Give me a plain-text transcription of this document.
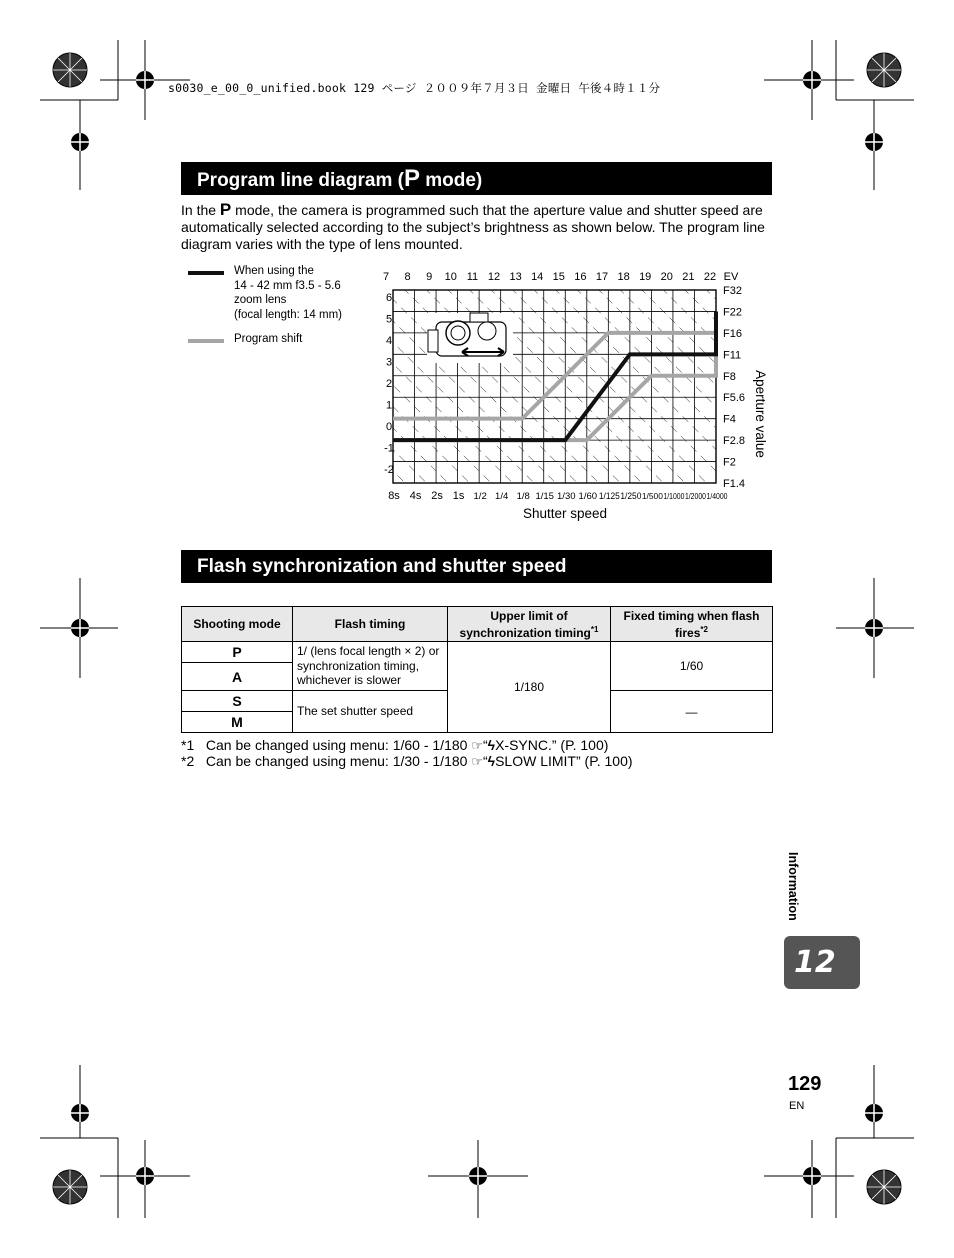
s0030_e_00_0_unified.book 129 ページ ２００９年７月３日 金曜日 午後４時１１分
Program line diagram (P mode)
In the P mode, the camera is programmed such that the aperture value and shutter speed are automatically selected according to the subject’s brightness as shown below. The program line diagram varies with the type of lens mounted.
When using the
14 - 42 mm f3.5 - 5.6
zoom lens
(focal length: 14 mm)
Program shift
7 8 9 10 11 12 13 14 15 16 17 18 19 20 21 22 EV
6
5
4
3
2
1
0
-1
-2
8s 4s 2s 1s 1/2 1/4 1/8 1/15 1/30 1/60 1/125 1/250 1/500 1/1000 1/2000 1/4000
F32
F22
F16
F11
F8
F5.6
F4
F2.8
F2
F1.4
Shutter speed
Aperture value
Flash synchronization and shutter speed
Shooting mode	Flash timing	Upper limit of synchronization timing$^{*1}$	Fixed timing when flash fires$^{*2}$
P	1/ (lens focal length × 2) or synchronization timing, whichever is slower	1/180	1/60
A			
S	The set shutter speed		—
M			
*1 Can be changed using menu: 1/60 - 1/180 ☞“ϟX-SYNC.” (P. 100)
*2 Can be changed using menu: 1/30 - 1/180 ☞“ϟSLOW LIMIT” (P. 100)
Information
12
129
EN
